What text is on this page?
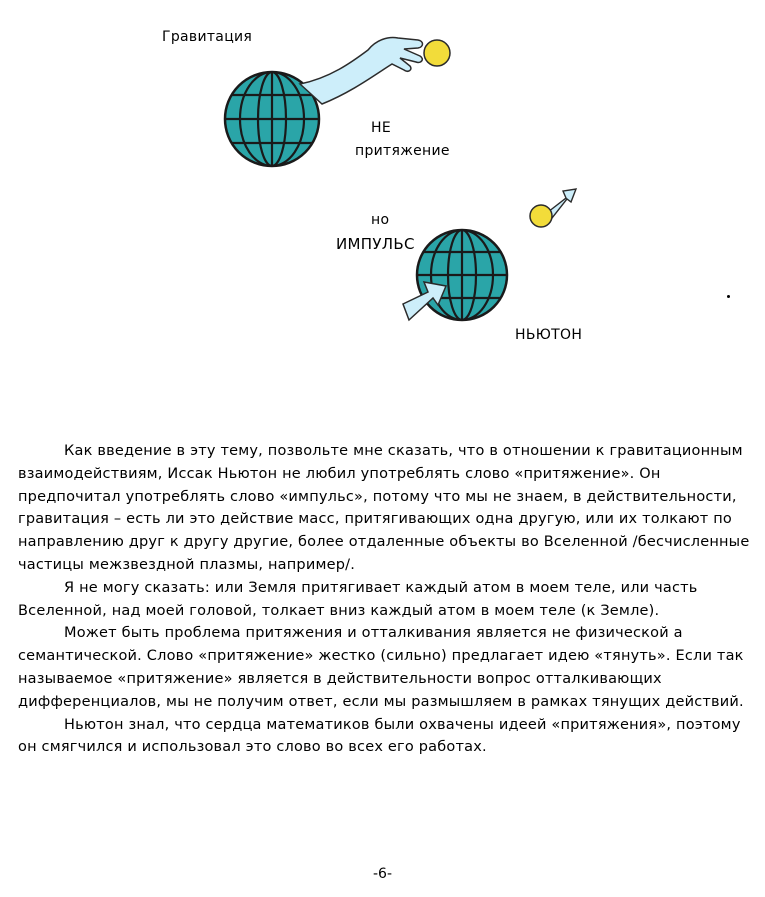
Гравитация
НЕ
притяжение
но
ИМПУЛЬС
НЬЮТОН

Как введение в эту тему, позвольте мне сказать, что в отношении к гравитационным взаимодействиям, Иссак Ньютон не любил употреблять слово «притяжение». Он предпочитал употреблять слово «импульс», потому что мы не знаем, в действительности, гравитация – есть ли это действие масс, притягивающих одна другую, или их толкают по направлению друг к другу другие, более отдаленные объекты во Вселенной /бесчисленные частицы межзвездной плазмы, например/.

Я не могу сказать: или Земля притягивает каждый атом в моем теле, или часть Вселенной, над моей головой, толкает вниз каждый атом в моем теле (к Земле).

Может быть проблема притяжения и отталкивания является не физической а семантической. Слово «притяжение» жестко (сильно) предлагает идею «тянуть». Если так называемое «притяжение» является в действительности вопрос отталкивающих дифференциалов, мы не получим ответ, если мы размышляем в рамках тянущих действий.

Ньютон знал, что сердца математиков были охвачены идеей «притяжения», поэтому он смягчился и использовал это слово во всех его работах.

-6-
